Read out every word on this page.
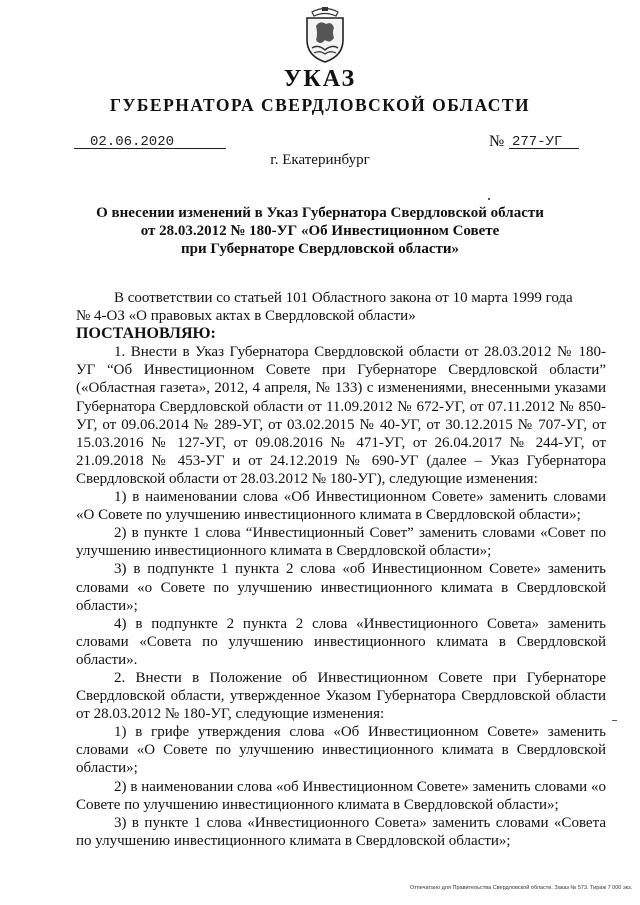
УКАЗ
ГУБЕРНАТОРА СВЕРДЛОВСКОЙ ОБЛАСТИ
02.06.2020	№ 277-УГ
г. Екатеринбург
О внесении изменений в Указ Губернатора Свердловской области
от 28.03.2012 № 180-УГ «Об Инвестиционном Совете
при Губернаторе Свердловской области»

В соответствии со статьей 101 Областного закона от 10 марта 1999 года

№ 4-ОЗ «О правовых актах в Свердловской области»

ПОСТАНОВЛЯЮ:

1. Внести в Указ Губернатора Свердловской области от 28.03.2012 № 180-УГ “Об Инвестиционном Совете при Губернаторе Свердловской области” («Областная газета», 2012, 4 апреля, № 133) с изменениями, внесенными указами Губернатора Свердловской области от 11.09.2012 № 672-УГ, от 07.11.2012 № 850-УГ, от 09.06.2014 № 289-УГ, от 03.02.2015 № 40-УГ, от 30.12.2015 № 707-УГ, от 15.03.2016 № 127-УГ, от 09.08.2016 № 471-УГ, от 26.04.2017 № 244-УГ, от 21.09.2018 № 453-УГ и от 24.12.2019 № 690-УГ (далее – Указ Губернатора Свердловской области от 28.03.2012 № 180-УГ), следующие изменения:

1) в наименовании слова «Об Инвестиционном Совете» заменить словами «О Совете по улучшению инвестиционного климата в Свердловской области»;

2) в пункте 1 слова “Инвестиционный Совет” заменить словами «Совет по улучшению инвестиционного климата в Свердловской области»;

3) в подпункте 1 пункта 2 слова «об Инвестиционном Совете» заменить словами «о Совете по улучшению инвестиционного климата в Свердловской области»;

4) в подпункте 2 пункта 2 слова «Инвестиционного Совета» заменить словами «Совета по улучшению инвестиционного климата в Свердловской области».

2. Внести в Положение об Инвестиционном Совете при Губернаторе Свердловской области, утвержденное Указом Губернатора Свердловской области от 28.03.2012 № 180-УГ, следующие изменения:

1) в грифе утверждения слова «Об Инвестиционном Совете» заменить словами «О Совете по улучшению инвестиционного климата в Свердловской области»;

2) в наименовании слова «об Инвестиционном Совете» заменить словами «о Совете по улучшению инвестиционного климата в Свердловской области»;

3) в пункте 1 слова «Инвестиционного Совета» заменить словами «Совета по улучшению инвестиционного климата в Свердловской области»;

Отпечатано для Правительства Свердловской области. Заказ № 573. Тираж 7 000 экз.
